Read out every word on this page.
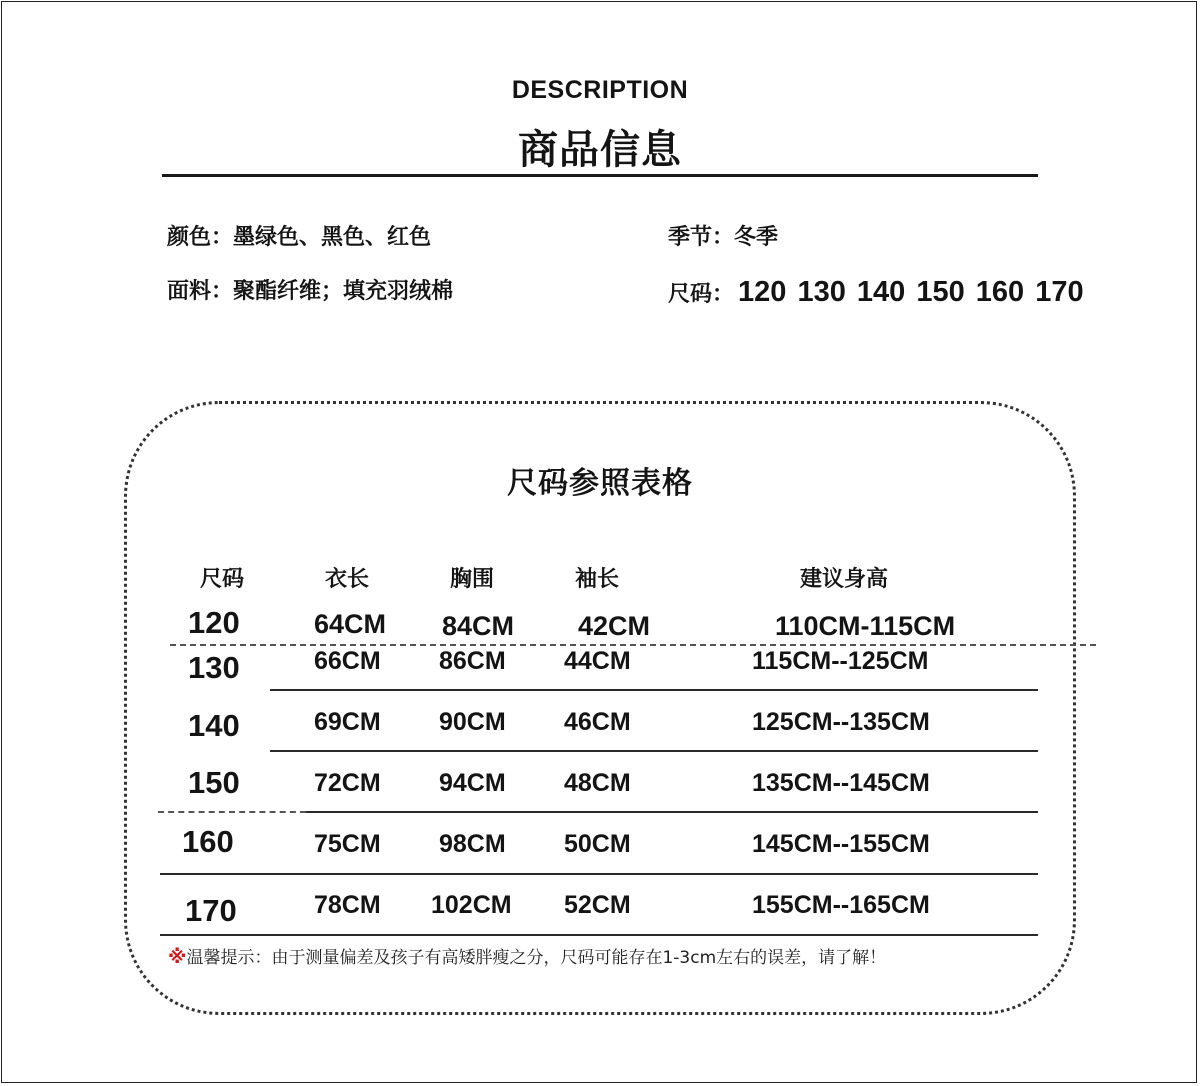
DESCRIPTION
商品信息
颜色：墨绿色、黑色、红色	季节：冬季
面料：聚酯纤维；填充羽绒棉	尺码： 120 130 140 150 160 170
尺码参照表格
尺码	衣长	胸围	袖长	建议身高
120	64CM 84CM 42CM	110CM-115CM
130	66CM 86CM 44CM	115CM--125CM
140	69CM 90CM 46CM	125CM--135CM
150	72CM 94CM 48CM	135CM--145CM
160	75CM 98CM 50CM	145CM--155CM
170	78CM 102CM 52CM	155CM--165CM
※温馨提示：由于测量偏差及孩子有高矮胖瘦之分，尺码可能存在1-3cm左右的误差，请了解！
